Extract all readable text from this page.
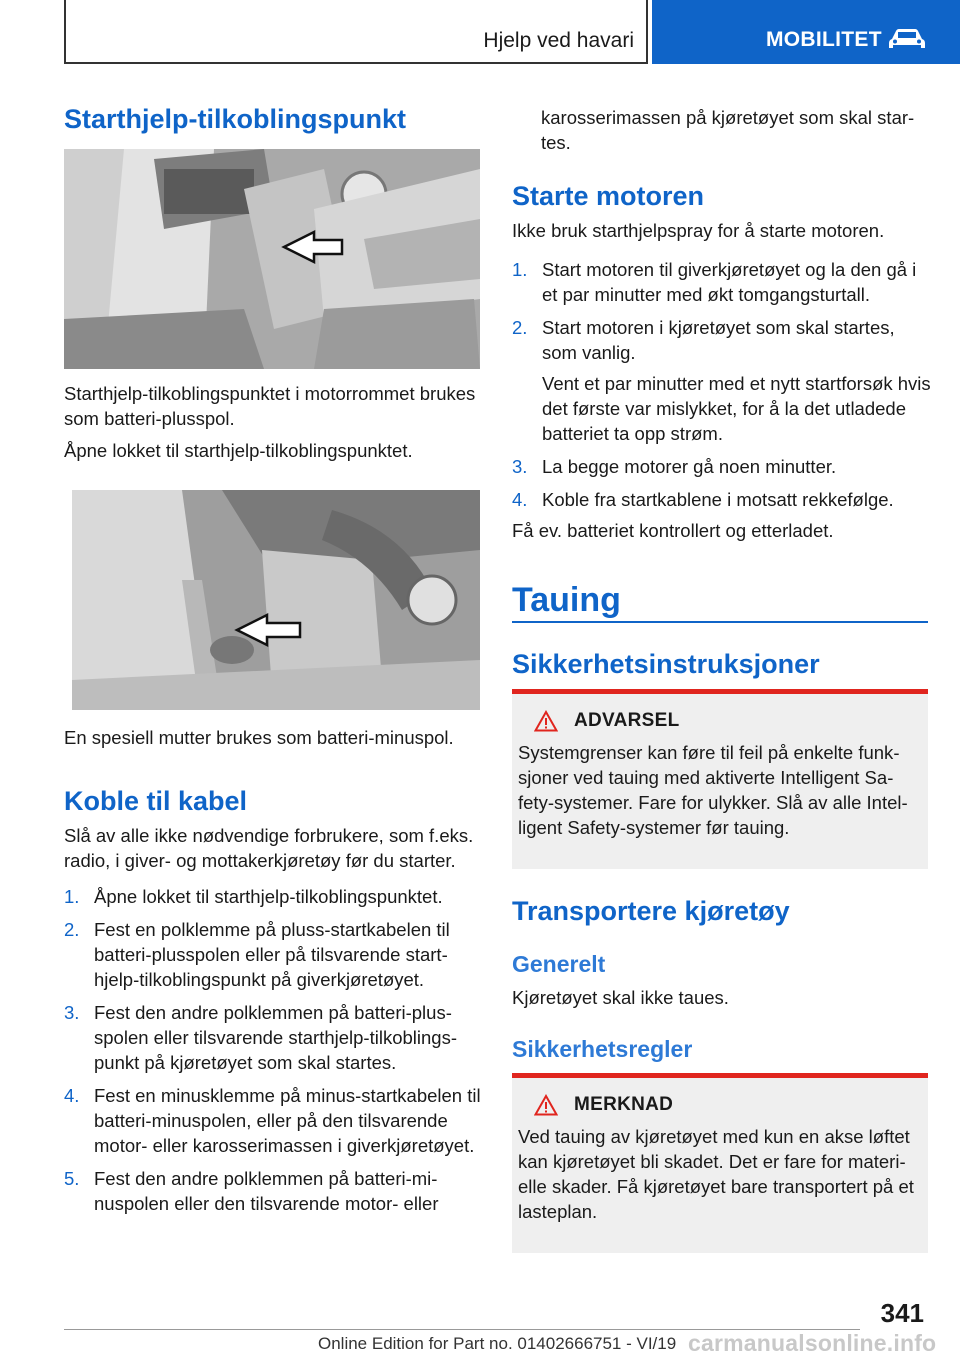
Hjelp ved havari	MOBILITET
Starthjelp-tilkoblingspunkt

Starthjelp-tilkoblingspunktet i motorrommet brukes som batteri-plusspol.

Åpne lokket til starthjelp-tilkoblingspunktet.

En spesiell mutter brukes som batteri-minuspol.

Koble til kabel

Slå av alle ikke nødvendige forbrukere, som f.eks. radio, i giver- og mottakerkjøretøy før du starter.

1. Åpne lokket til starthjelp-tilkoblingspunktet.
2. Fest en polklemme på pluss-startkabelen til batteri-plusspolen eller på tilsvarende starthjelp-tilkoblingspunkt på giverkjøretøyet.
3. Fest den andre polklemmen på batteri-plusspolen eller tilsvarende starthjelp-tilkoblingspunkt på kjøretøyet som skal startes.
4. Fest en minusklemme på minus-startkabelen til batteri-minuspolen, eller på den tilsvarende motor- eller karosserimassen i giverkjøretøyet.
5. Fest den andre polklemmen på batteri-minuspolen eller den tilsvarende motor- eller

karosserimassen på kjøretøyet som skal startes.

Starte motoren

Ikke bruk starthjelpspray for å starte motoren.

1. Start motoren til giverkjøretøyet og la den gå i et par minutter med økt tomgangsturtall.
2. Start motoren i kjøretøyet som skal startes, som vanlig.
Vent et par minutter med et nytt startforsøk hvis det første var mislykket, for å la det utladede batteriet ta opp strøm.
3. La begge motorer gå noen minutter.
4. Koble fra startkablene i motsatt rekkefølge.

Få ev. batteriet kontrollert og etterladet.

Tauing
Sikkerhetsinstruksjoner
ADVARSEL

Systemgrenser kan føre til feil på enkelte funksjoner ved tauing med aktiverte Intelligent Safety-systemer. Fare for ulykker. Slå av alle Intelligent Safety-systemer før tauing.

Transportere kjøretøy
Generelt

Kjøretøyet skal ikke taues.

Sikkerhetsregler
MERKNAD

Ved tauing av kjøretøyet med kun en akse løftet kan kjøretøyet bli skadet. Det er fare for materielle skader. Få kjøretøyet bare transportert på et lasteplan.

341
Online Edition for Part no. 01402666751 - VI/19 carmanualsonline.info
